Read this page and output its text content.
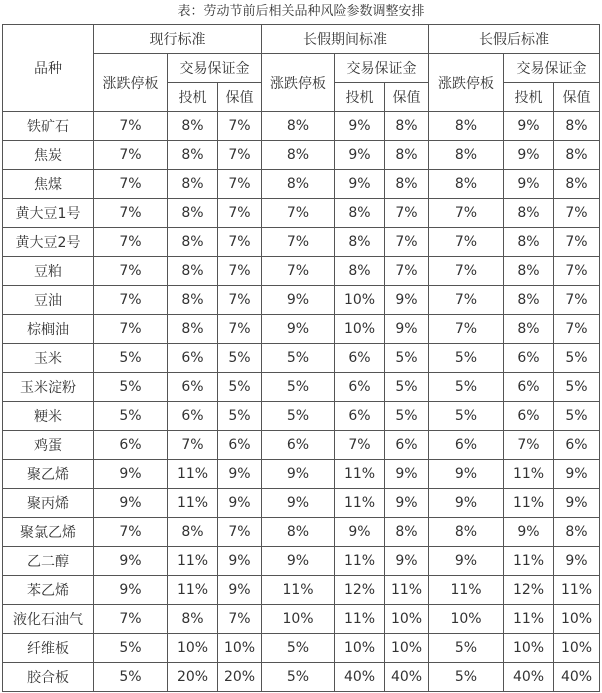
表：劳动节前后相关品种风险参数调整安排
品种	现行标准			长假期间标准			长假后标准		
	涨跌停板	交易保证金		涨跌停板	交易保证金		涨跌停板	交易保证金	
		投机	保值		投机	保值		投机	保值
铁矿石	7%	8%	7%	8%	9%	8%	8%	9%	8%
焦炭	7%	8%	7%	8%	9%	8%	8%	9%	8%
焦煤	7%	8%	7%	8%	9%	8%	8%	9%	8%
黄大豆1号	7%	8%	7%	7%	8%	7%	7%	8%	7%
黄大豆2号	7%	8%	7%	7%	8%	7%	7%	8%	7%
豆粕	7%	8%	7%	7%	8%	7%	7%	8%	7%
豆油	7%	8%	7%	9%	10%	9%	7%	8%	7%
棕榈油	7%	8%	7%	9%	10%	9%	7%	8%	7%
玉米	5%	6%	5%	5%	6%	5%	5%	6%	5%
玉米淀粉	5%	6%	5%	5%	6%	5%	5%	6%	5%
粳米	5%	6%	5%	5%	6%	5%	5%	6%	5%
鸡蛋	6%	7%	6%	6%	7%	6%	6%	7%	6%
聚乙烯	9%	11%	9%	9%	11%	9%	9%	11%	9%
聚丙烯	9%	11%	9%	9%	11%	9%	9%	11%	9%
聚氯乙烯	7%	8%	7%	8%	9%	8%	8%	9%	8%
乙二醇	9%	11%	9%	9%	11%	9%	9%	11%	9%
苯乙烯	9%	11%	9%	11%	12%	11%	11%	12%	11%
液化石油气	7%	8%	7%	10%	11%	10%	10%	11%	10%
纤维板	5%	10%	10%	5%	10%	10%	5%	10%	10%
胶合板	5%	20%	20%	5%	40%	40%	5%	40%	40%
